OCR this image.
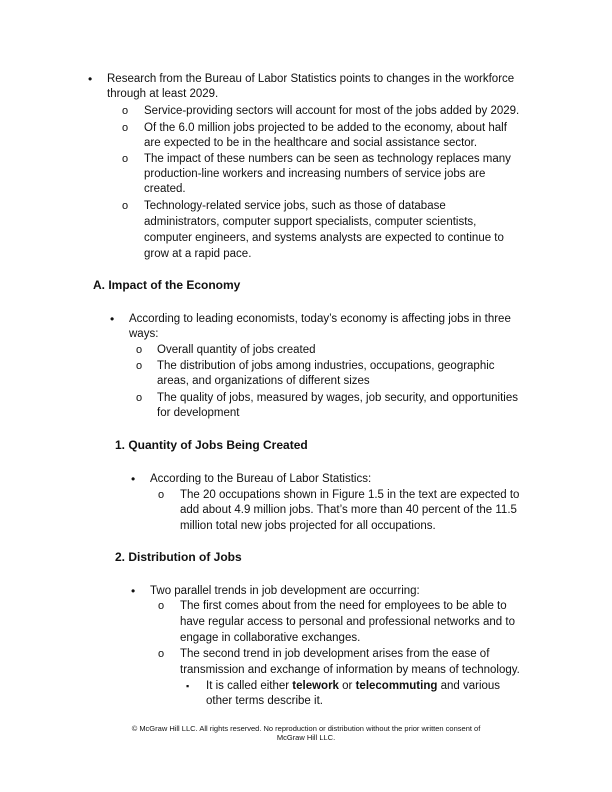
• Research from the Bureau of Labor Statistics points to changes in the workforce
through at least 2029.
o Service-providing sectors will account for most of the jobs added by 2029.
o Of the 6.0 million jobs projected to be added to the economy, about half
are expected to be in the healthcare and social assistance sector.
o The impact of these numbers can be seen as technology replaces many
production-line workers and increasing numbers of service jobs are
created.
o Technology-related service jobs, such as those of database
administrators, computer support specialists, computer scientists,
computer engineers, and systems analysts are expected to continue to
grow at a rapid pace.
A. Impact of the Economy
• According to leading economists, today’s economy is affecting jobs in three
ways:
o Overall quantity of jobs created
o The distribution of jobs among industries, occupations, geographic
areas, and organizations of different sizes
o The quality of jobs, measured by wages, job security, and opportunities
for development
1. Quantity of Jobs Being Created
• According to the Bureau of Labor Statistics:
o The 20 occupations shown in Figure 1.5 in the text are expected to
add about 4.9 million jobs. That’s more than 40 percent of the 11.5
million total new jobs projected for all occupations.
2. Distribution of Jobs
• Two parallel trends in job development are occurring:
o The first comes about from the need for employees to be able to
have regular access to personal and professional networks and to
engage in collaborative exchanges.
o The second trend in job development arises from the ease of
transmission and exchange of information by means of technology.
▪ It is called either telework or telecommuting and various
other terms describe it.
© McGraw Hill LLC. All rights reserved. No reproduction or distribution without the prior written consent of
McGraw Hill LLC.
